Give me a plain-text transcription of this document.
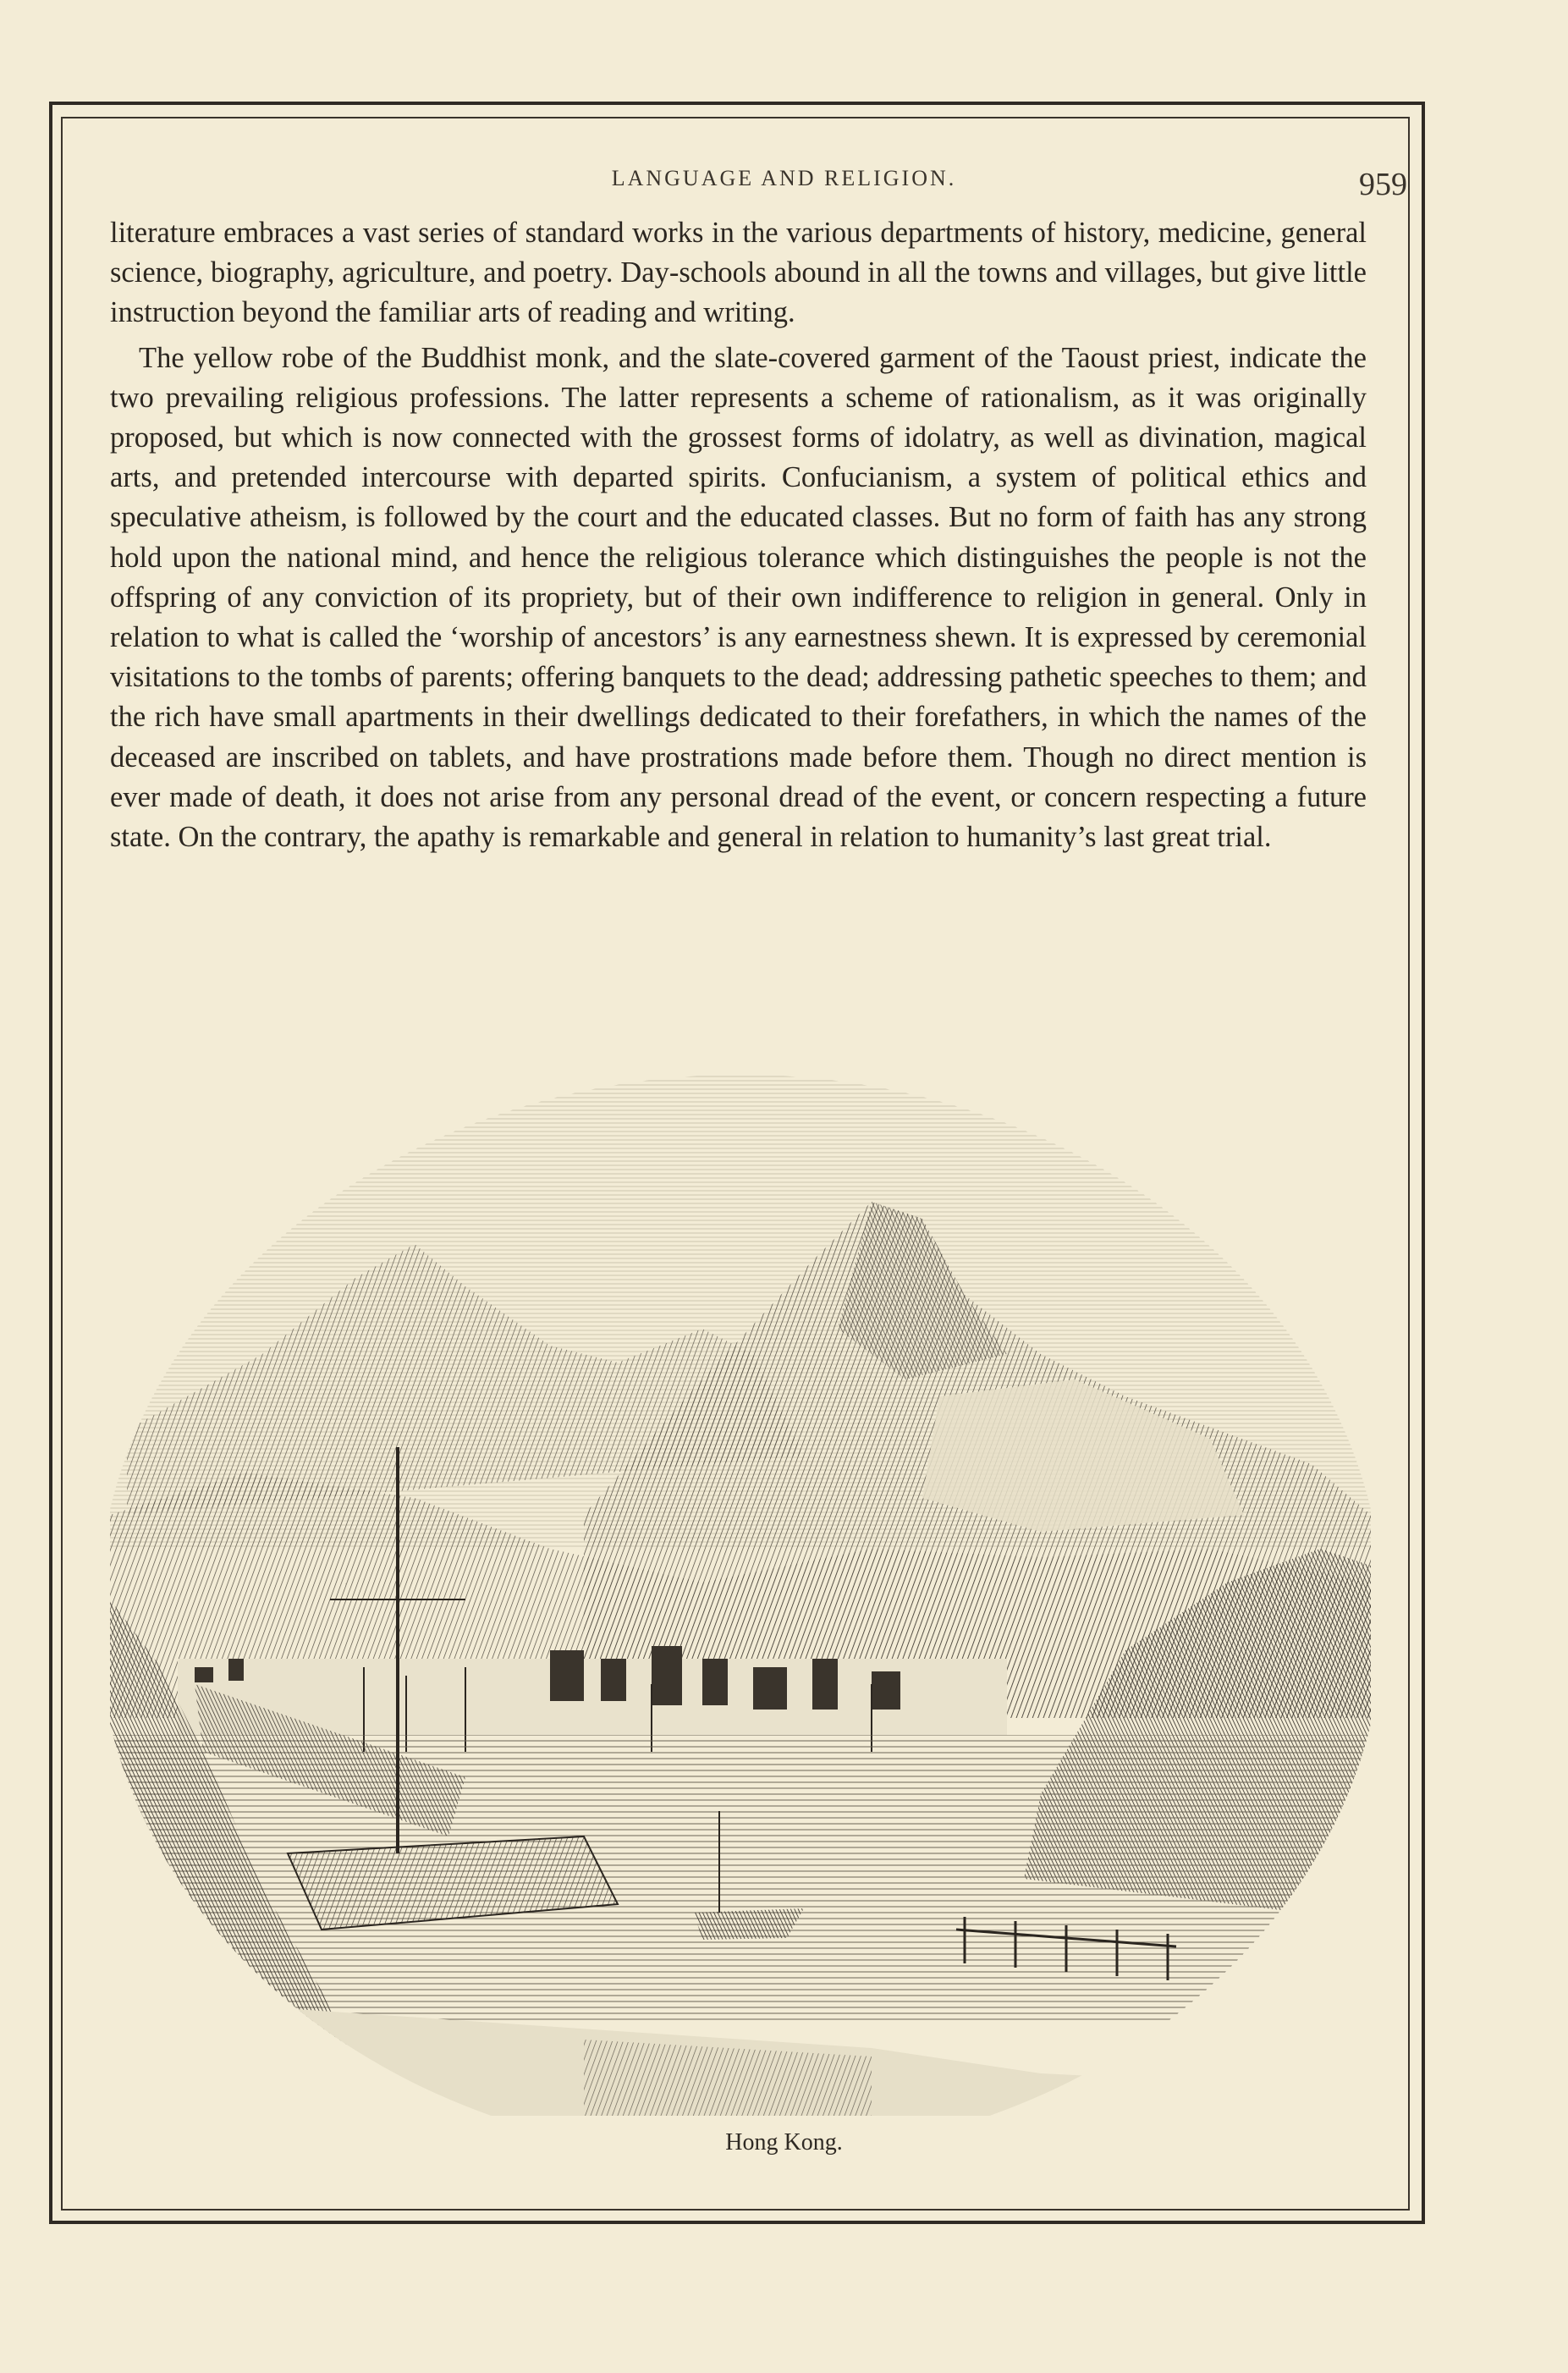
LANGUAGE AND RELIGION.	959

literature embraces a vast series of standard works in the various departments of history, medicine, general science, biography, agriculture, and poetry. Day-schools abound in all the towns and villages, but give little instruction beyond the familiar arts of reading and writing.

The yellow robe of the Buddhist monk, and the slate-covered garment of the Taoust priest, indicate the two prevailing religious professions. The latter represents a scheme of rationalism, as it was originally proposed, but which is now connected with the grossest forms of idolatry, as well as divination, magical arts, and pretended intercourse with departed spirits. Confucianism, a system of political ethics and speculative atheism, is followed by the court and the educated classes. But no form of faith has any strong hold upon the national mind, and hence the religious tolerance which distinguishes the people is not the offspring of any conviction of its propriety, but of their own indifference to religion in general. Only in relation to what is called the ‘worship of ancestors’ is any earnestness shewn. It is expressed by ceremonial visitations to the tombs of parents; offering banquets to the dead; addressing pathetic speeches to them; and the rich have small apartments in their dwellings dedicated to their forefathers, in which the names of the deceased are inscribed on tablets, and have prostrations made before them. Though no direct mention is ever made of death, it does not arise from any personal dread of the event, or concern respecting a future state. On the contrary, the apathy is remarkable and general in relation to humanity’s last great trial.

Hong Kong.
